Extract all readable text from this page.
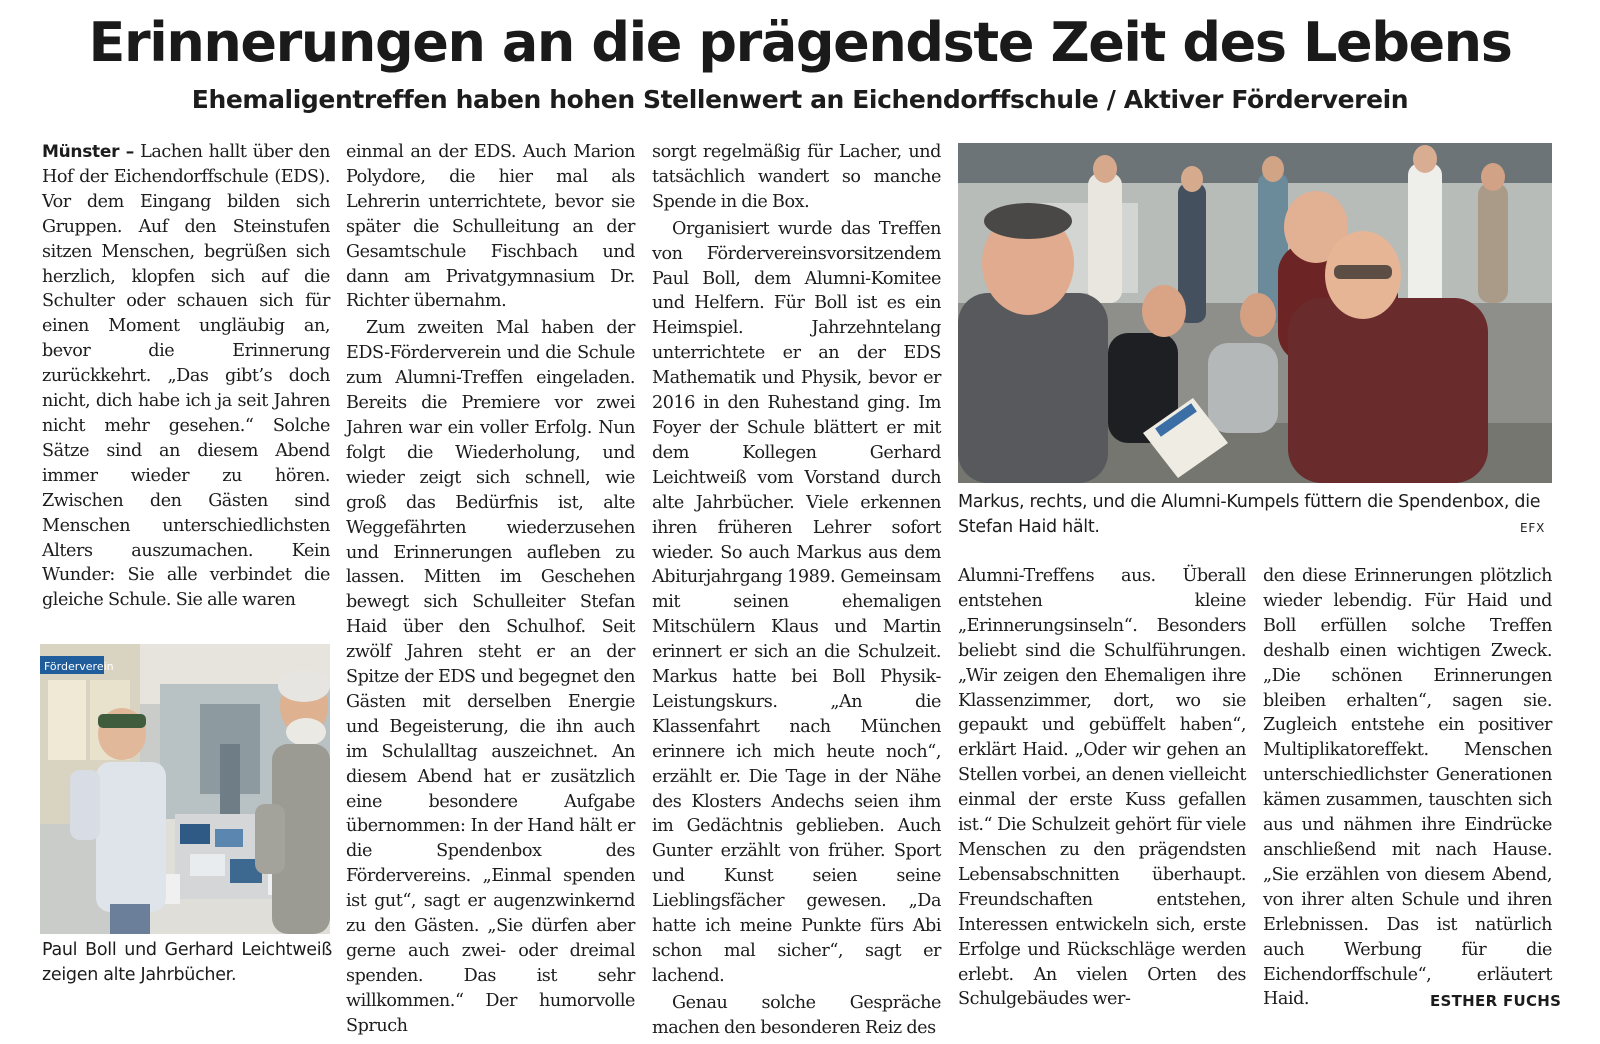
Erinnerungen an die prägendste Zeit des Lebens
Ehemaligentreffen haben hohen Stellenwert an Eichendorffschule / Aktiver Förderverein

Münster – Lachen hallt über den Hof der Eichendorffschule (EDS). Vor dem Eingang bilden sich Gruppen. Auf den Steinstufen sitzen Menschen, begrüßen sich herzlich, klopfen sich auf die Schulter oder schauen sich für einen Moment ungläubig an, bevor die Erinnerung zurückkehrt. „Das gibt’s doch nicht, dich habe ich ja seit Jahren nicht mehr gesehen.“ Solche Sätze sind an diesem Abend immer wieder zu hören. Zwischen den Gästen sind Menschen unterschiedlichsten Alters auszumachen. Kein Wunder: Sie alle verbindet die gleiche Schule. Sie alle waren

Förderverein
Paul Boll und Gerhard Leichtweiß zeigen alte Jahrbücher.

einmal an der EDS. Auch Marion Polydore, die hier mal als Lehrerin unterrichtete, bevor sie später die Schulleitung an der Gesamtschule Fischbach und dann am Privatgymnasium Dr. Richter übernahm.

Zum zweiten Mal haben der EDS-Förderverein und die Schule zum Alumni-Treffen eingeladen. Bereits die Premiere vor zwei Jahren war ein voller Erfolg. Nun folgt die Wiederholung, und wieder zeigt sich schnell, wie groß das Bedürfnis ist, alte Weggefährten wiederzusehen und Erinnerungen aufleben zu lassen. Mitten im Geschehen bewegt sich Schulleiter Stefan Haid über den Schulhof. Seit zwölf Jahren steht er an der Spitze der EDS und begegnet den Gästen mit derselben Energie und Begeisterung, die ihn auch im Schulalltag auszeichnet. An diesem Abend hat er zusätzlich eine besondere Aufgabe übernommen: In der Hand hält er die Spendenbox des Fördervereins. „Einmal spenden ist gut“, sagt er augenzwinkernd zu den Gästen. „Sie dürfen aber gerne auch zwei- oder dreimal spenden. Das ist sehr willkommen.“ Der humorvolle Spruch

sorgt regelmäßig für Lacher, und tatsächlich wandert so manche Spende in die Box.

Organisiert wurde das Treffen von Fördervereinsvorsitzendem Paul Boll, dem Alumni-Komitee und Helfern. Für Boll ist es ein Heimspiel. Jahrzehntelang unterrichtete er an der EDS Mathematik und Physik, bevor er 2016 in den Ruhestand ging. Im Foyer der Schule blättert er mit dem Kollegen Gerhard Leichtweiß vom Vorstand durch alte Jahrbücher. Viele erkennen ihren früheren Lehrer sofort wieder. So auch Markus aus dem Abiturjahrgang 1989. Gemeinsam mit seinen ehemaligen Mitschülern Klaus und Martin erinnert er sich an die Schulzeit. Markus hatte bei Boll Physik-Leistungskurs. „An die Klassenfahrt nach München erinnere ich mich heute noch“, erzählt er. Die Tage in der Nähe des Klosters Andechs seien ihm im Gedächtnis geblieben. Auch Gunter erzählt von früher. Sport und Kunst seien seine Lieblingsfächer gewesen. „Da hatte ich meine Punkte fürs Abi schon mal sicher“, sagt er lachend.

Genau solche Gespräche machen den besonderen Reiz des

Markus, rechts, und die Alumni-Kumpels füttern die Spendenbox, die Stefan Haid hält.	EFX

Alumni-Treffens aus. Überall entstehen kleine „Erinnerungsinseln“. Besonders beliebt sind die Schulführungen. „Wir zeigen den Ehemaligen ihre Klassenzimmer, dort, wo sie gepaukt und gebüffelt haben“, erklärt Haid. „Oder wir gehen an Stellen vorbei, an denen vielleicht einmal der erste Kuss gefallen ist.“ Die Schulzeit gehört für viele Menschen zu den prägendsten Lebensabschnitten überhaupt. Freundschaften entstehen, Interessen entwickeln sich, erste Erfolge und Rückschläge werden erlebt. An vielen Orten des Schulgebäudes wer-

den diese Erinnerungen plötzlich wieder lebendig. Für Haid und Boll erfüllen solche Treffen deshalb einen wichtigen Zweck. „Die schönen Erinnerungen bleiben erhalten“, sagen sie. Zugleich entstehe ein positiver Multiplikatoreffekt. Menschen unterschiedlichster Generationen kämen zusammen, tauschten sich aus und nähmen ihre Eindrücke anschließend mit nach Hause. „Sie erzählen von diesem Abend, von ihrer alten Schule und ihren Erlebnissen. Das ist natürlich auch Werbung für die Eichendorffschule“, erläutert Haid.	ESTHER FUCHS
